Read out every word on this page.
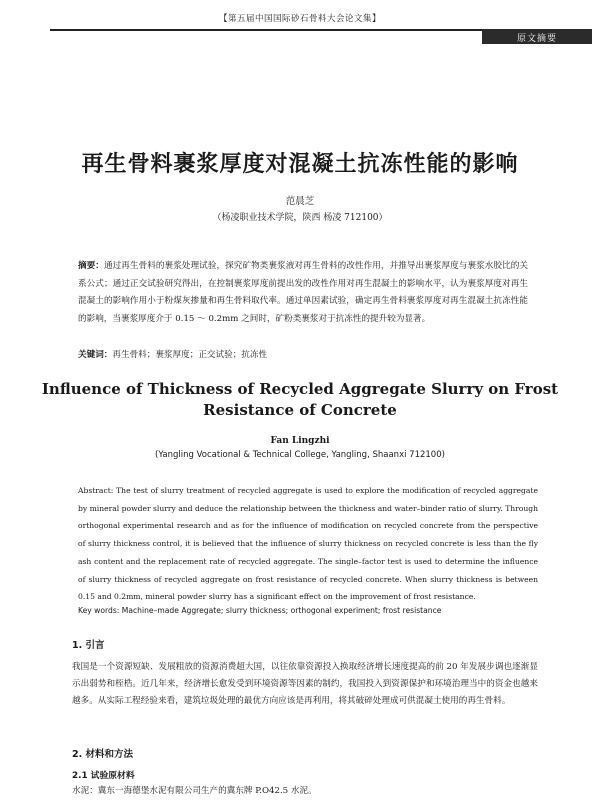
【第五届中国国际砂石骨料大会论文集】
原文摘要
再生骨料裹浆厚度对混凝土抗冻性能的影响
范晨芝
（杨凌职业技术学院，陕西 杨凌 712100）

摘要：通过再生骨料的裹浆处理试验，探究矿物类裹浆液对再生骨料的改性作用，并推导出裹浆厚度与裹浆水胶比的关系公式；通过正交试验研究得出，在控制裹浆厚度前提出发的改性作用对再生混凝土的影响水平，认为裹浆厚度对再生混凝土的影响作用小于粉煤灰掺量和再生骨料取代率。通过单因素试验，确定再生骨料裹浆厚度对再生混凝土抗冻性能的影响，当裹浆厚度介于 0.15 ～ 0.2mm 之间时，矿粉类裹浆对于抗冻性的提升较为显著。

关键词：再生骨料；裹浆厚度；正交试验；抗冻性

Influence of Thickness of Recycled Aggregate Slurry on Frost
Resistance of Concrete

Fan Lingzhi
(Yangling Vocational & Technical College, Yangling, Shaanxi 712100)

Abstract: The test of slurry treatment of recycled aggregate is used to explore the modification of recycled aggregate by mineral powder slurry and deduce the relationship between the thickness and water–binder ratio of slurry. Through orthogonal experimental research and as for the influence of modification on recycled concrete from the perspective of slurry thickness control, it is believed that the influence of slurry thickness on recycled concrete is less than the fly ash content and the replacement rate of recycled aggregate. The single–factor test is used to determine the influence of slurry thickness of recycled aggregate on frost resistance of recycled concrete. When slurry thickness is between 0.15 and 0.2mm, mineral powder slurry has a significant effect on the improvement of frost resistance.

Key words: Machine–made Aggregate; slurry thickness; orthogonal experiment; frost resistance

1. 引言

我国是一个资源短缺、发展粗放的资源消费超大国，以往依靠资源投入换取经济增长速度提高的前 20 年发展步调也逐渐显示出弱势和桎梏。近几年来，经济增长愈发受到环境资源等因素的制约，我国投入到资源保护和环境治理当中的资金也越来越多。从实际工程经验来看，建筑垃圾处理的最优方向应该是再利用，将其破碎处理成可供混凝土使用的再生骨料。

2. 材料和方法
2.1 试验原材料

水泥：冀东一海德堡水泥有限公司生产的冀东牌 P.O42.5 水泥。
